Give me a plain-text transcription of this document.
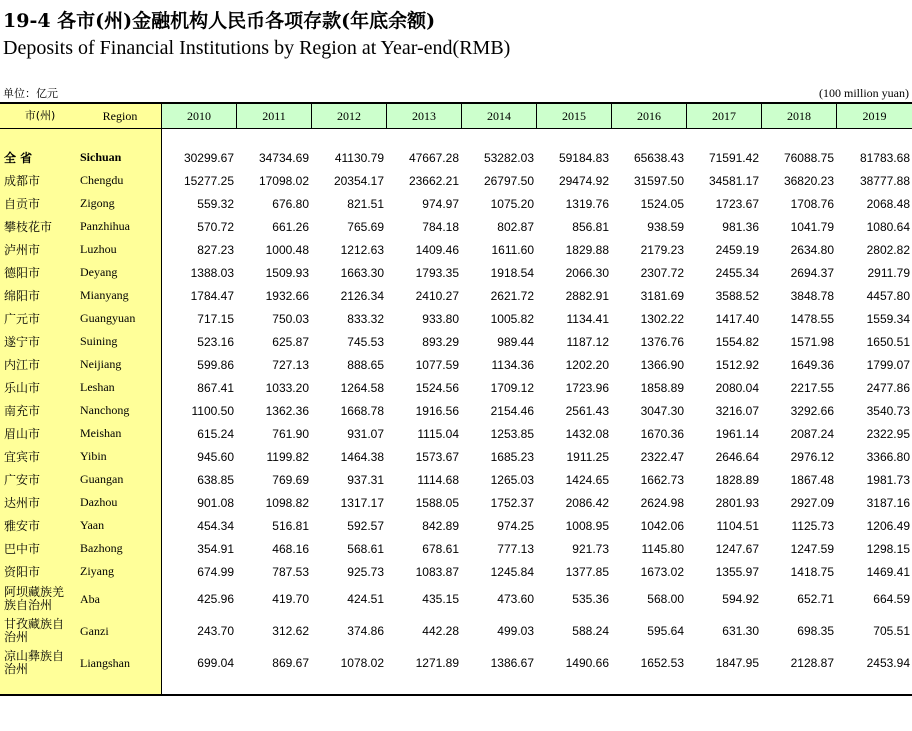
19-4 各市(州)金融机构人民币各项存款(年底余额)
Deposits of Financial Institutions by Region at Year-end(RMB)
单位：亿元	(100 million yuan)
市(州)	Region	2010	2011	2012	2013	2014	2015	2016	2017	2018	2019
全 省	Sichuan	30299.67	34734.69	41130.79	47667.28	53282.03	59184.83	65638.43	71591.42	76088.75	81783.68
成都市	Chengdu	15277.25	17098.02	20354.17	23662.21	26797.50	29474.92	31597.50	34581.17	36820.23	38777.88
自贡市	Zigong	559.32	676.80	821.51	974.97	1075.20	1319.76	1524.05	1723.67	1708.76	2068.48
攀枝花市	Panzhihua	570.72	661.26	765.69	784.18	802.87	856.81	938.59	981.36	1041.79	1080.64
泸州市	Luzhou	827.23	1000.48	1212.63	1409.46	1611.60	1829.88	2179.23	2459.19	2634.80	2802.82
德阳市	Deyang	1388.03	1509.93	1663.30	1793.35	1918.54	2066.30	2307.72	2455.34	2694.37	2911.79
绵阳市	Mianyang	1784.47	1932.66	2126.34	2410.27	2621.72	2882.91	3181.69	3588.52	3848.78	4457.80
广元市	Guangyuan	717.15	750.03	833.32	933.80	1005.82	1134.41	1302.22	1417.40	1478.55	1559.34
遂宁市	Suining	523.16	625.87	745.53	893.29	989.44	1187.12	1376.76	1554.82	1571.98	1650.51
内江市	Neijiang	599.86	727.13	888.65	1077.59	1134.36	1202.20	1366.90	1512.92	1649.36	1799.07
乐山市	Leshan	867.41	1033.20	1264.58	1524.56	1709.12	1723.96	1858.89	2080.04	2217.55	2477.86
南充市	Nanchong	1100.50	1362.36	1668.78	1916.56	2154.46	2561.43	3047.30	3216.07	3292.66	3540.73
眉山市	Meishan	615.24	761.90	931.07	1115.04	1253.85	1432.08	1670.36	1961.14	2087.24	2322.95
宜宾市	Yibin	945.60	1199.82	1464.38	1573.67	1685.23	1911.25	2322.47	2646.64	2976.12	3366.80
广安市	Guangan	638.85	769.69	937.31	1114.68	1265.03	1424.65	1662.73	1828.89	1867.48	1981.73
达州市	Dazhou	901.08	1098.82	1317.17	1588.05	1752.37	2086.42	2624.98	2801.93	2927.09	3187.16
雅安市	Yaan	454.34	516.81	592.57	842.89	974.25	1008.95	1042.06	1104.51	1125.73	1206.49
巴中市	Bazhong	354.91	468.16	568.61	678.61	777.13	921.73	1145.80	1247.67	1247.59	1298.15
资阳市	Ziyang	674.99	787.53	925.73	1083.87	1245.84	1377.85	1673.02	1355.97	1418.75	1469.41
阿坝藏族羌族自治州	Aba	425.96	419.70	424.51	435.15	473.60	535.36	568.00	594.92	652.71	664.59
甘孜藏族自治州	Ganzi	243.70	312.62	374.86	442.28	499.03	588.24	595.64	631.30	698.35	705.51
凉山彝族自治州	Liangshan	699.04	869.67	1078.02	1271.89	1386.67	1490.66	1652.53	1847.95	2128.87	2453.94
